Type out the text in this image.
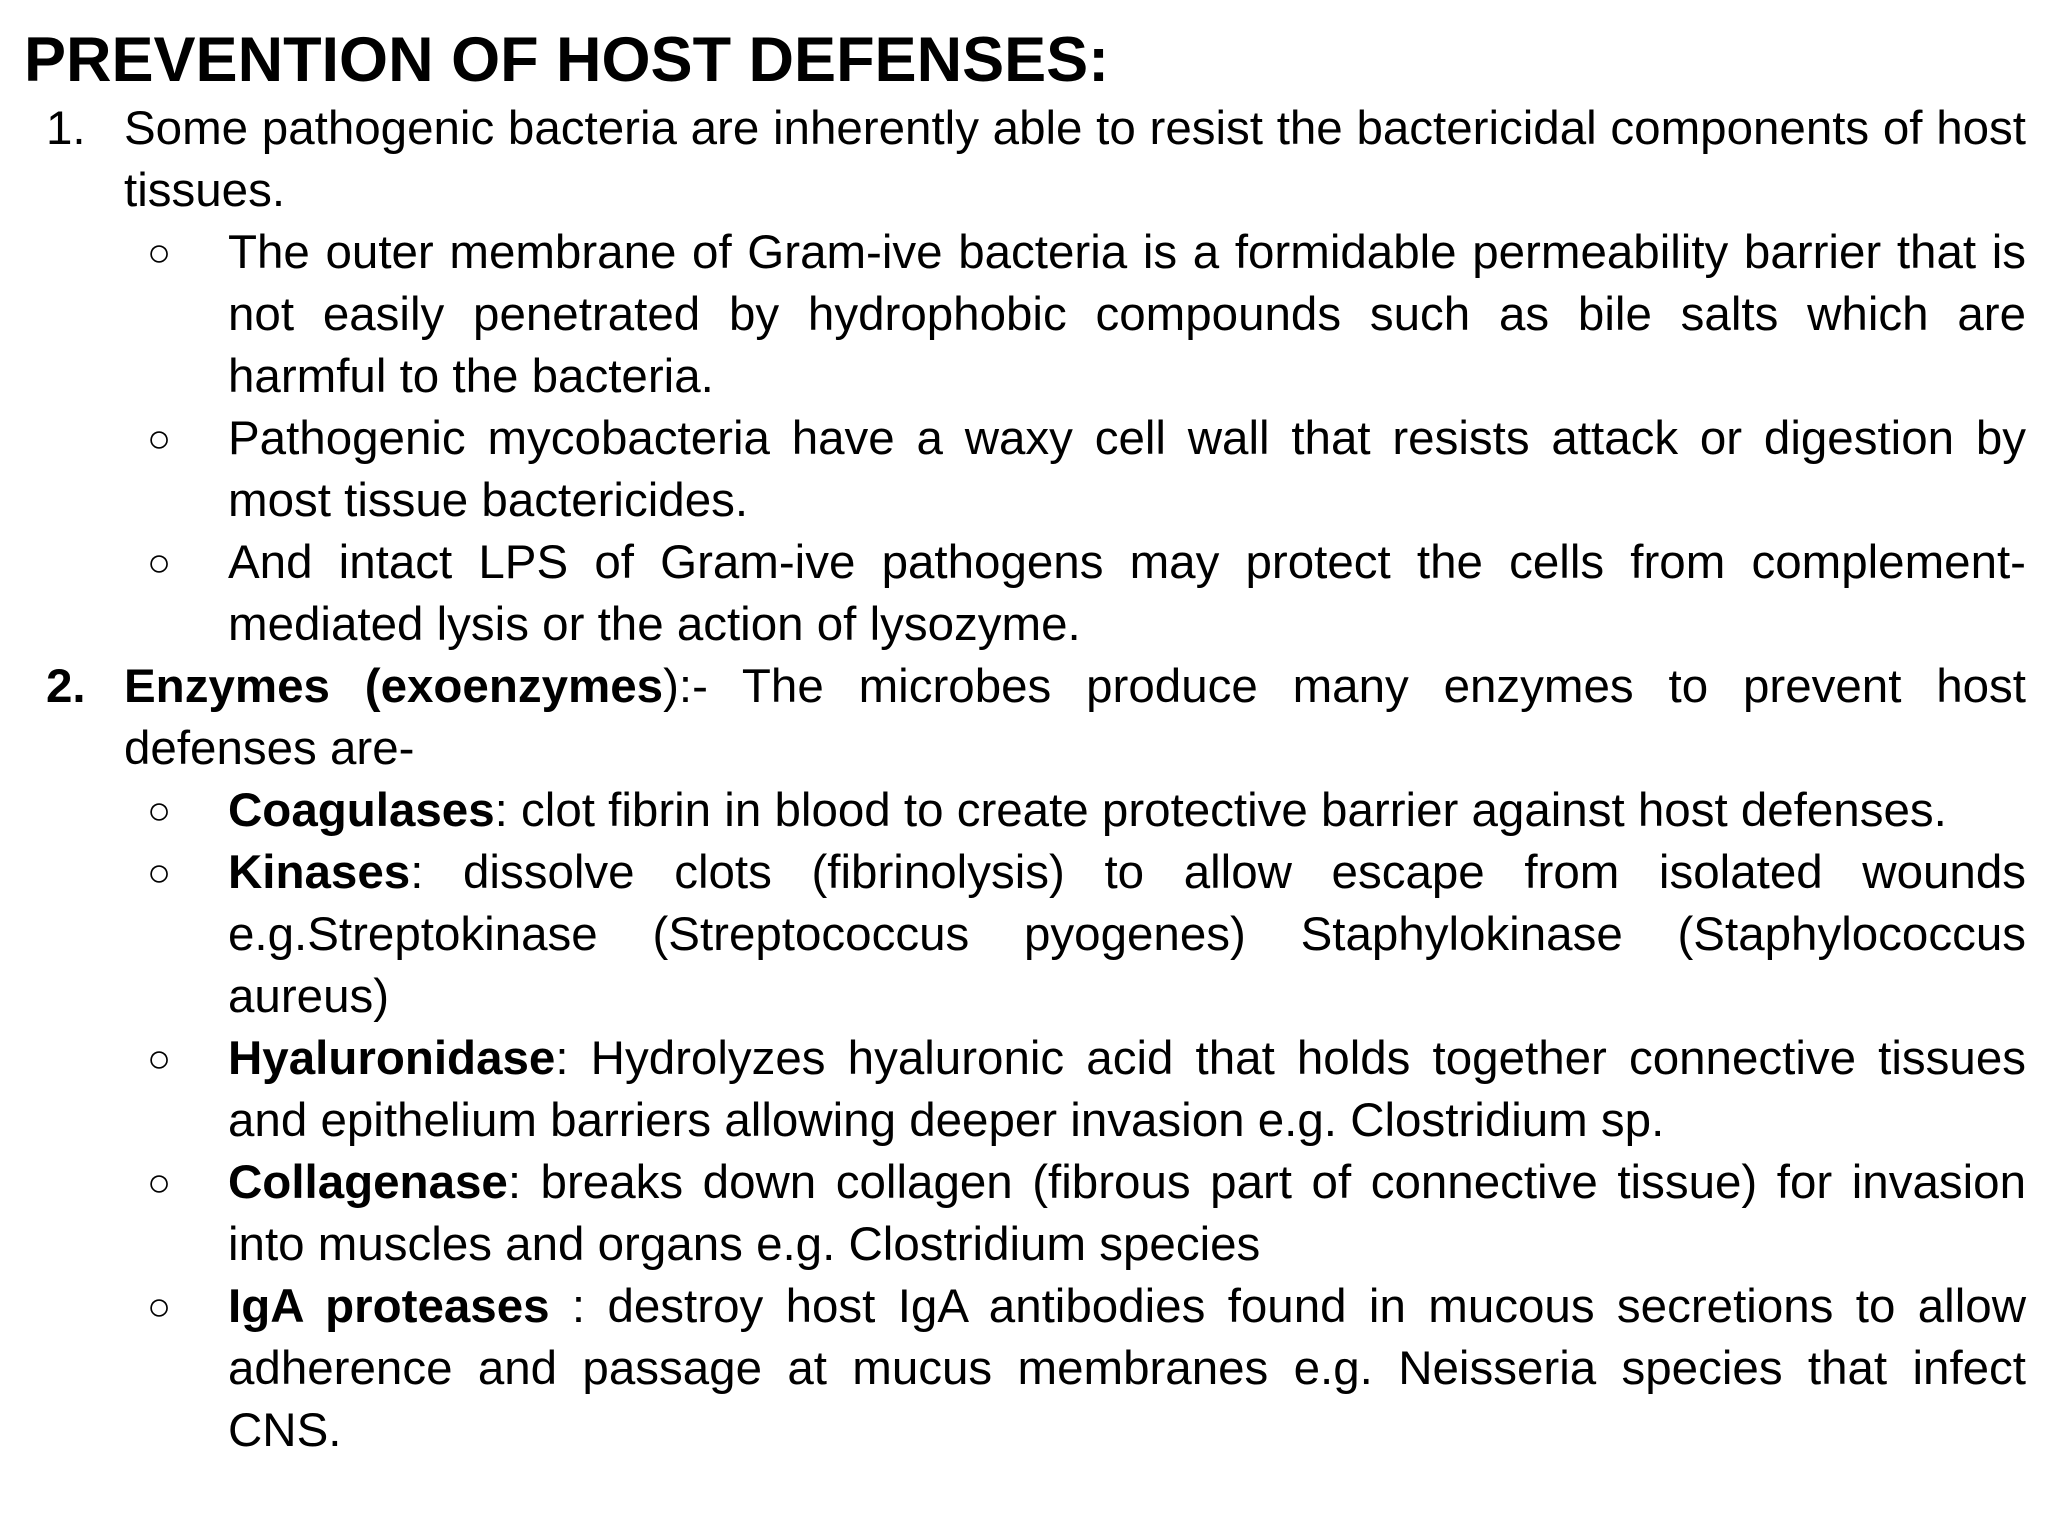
PREVENTION OF HOST DEFENSES:
1. Some pathogenic bacteria are inherently able to resist the bactericidal components of host tissues.
○ The outer membrane of Gram-ive bacteria is a formidable permeability barrier that is not easily penetrated by hydrophobic compounds such as bile salts which are harmful to the bacteria.
○ Pathogenic mycobacteria have a waxy cell wall that resists attack or digestion by most tissue bactericides.
○ And intact LPS of Gram-ive pathogens may protect the cells from complement-mediated lysis or the action of lysozyme.
2. Enzymes (exoenzymes):- The microbes produce many enzymes to prevent host defenses are-
○ Coagulases: clot fibrin in blood to create protective barrier against host defenses.
○ Kinases: dissolve clots (fibrinolysis) to allow escape from isolated wounds e.g.Streptokinase (Streptococcus pyogenes) Staphylokinase (Staphylococcus aureus)
○ Hyaluronidase: Hydrolyzes hyaluronic acid that holds together connective tissues and epithelium barriers allowing deeper invasion e.g. Clostridium sp.
○ Collagenase: breaks down collagen (fibrous part of connective tissue) for invasion into muscles and organs e.g. Clostridium species
○ IgA proteases : destroy host IgA antibodies found in mucous secretions to allow adherence and passage at mucus membranes e.g. Neisseria species that infect CNS.
